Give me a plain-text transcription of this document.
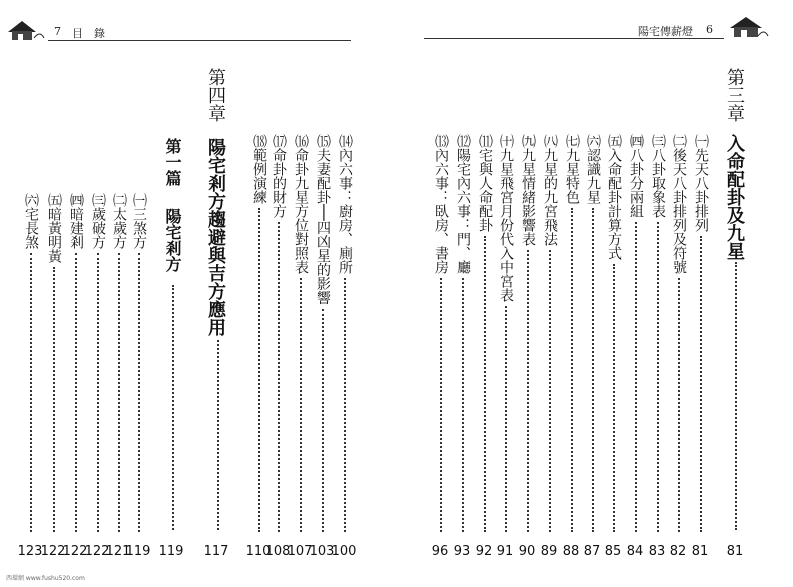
7 目　錄	陽宅傳薪燈 6
第三章
入命配卦及九星
81
㈠先天八卦排列
81
㈡後天八卦排列及符號
82
㈢八卦取象表
83
㈣八卦分兩組
84
㈤入命配卦計算方式
85
㈥認識九星
87
㈦九星特色
88
㈧九星的九宮飛法
89
㈨九星情緒影響表
90
㈩九星飛宮月份代入中宮表
91
⑾宅與人命配卦
92
⑿陽宅內六事：門、廳
93
⒀內六事：臥房、書房
96
⒁內六事：廚房、廁所
100
⒂夫妻配卦──四凶星的影響
103
⒃命卦九星方位對照表
107
⒄命卦的財方
108
⒅範例演練
110
第四章
陽宅剎方趨避與吉方應用
117
第一篇
陽宅剎方
119
㈠三煞方
119
㈡太歲方
121
㈢歲破方
122
㈣暗建剎
122
㈤暗黃明黃
122
㈥宅長煞
123
西環網 www.fushu520.com
